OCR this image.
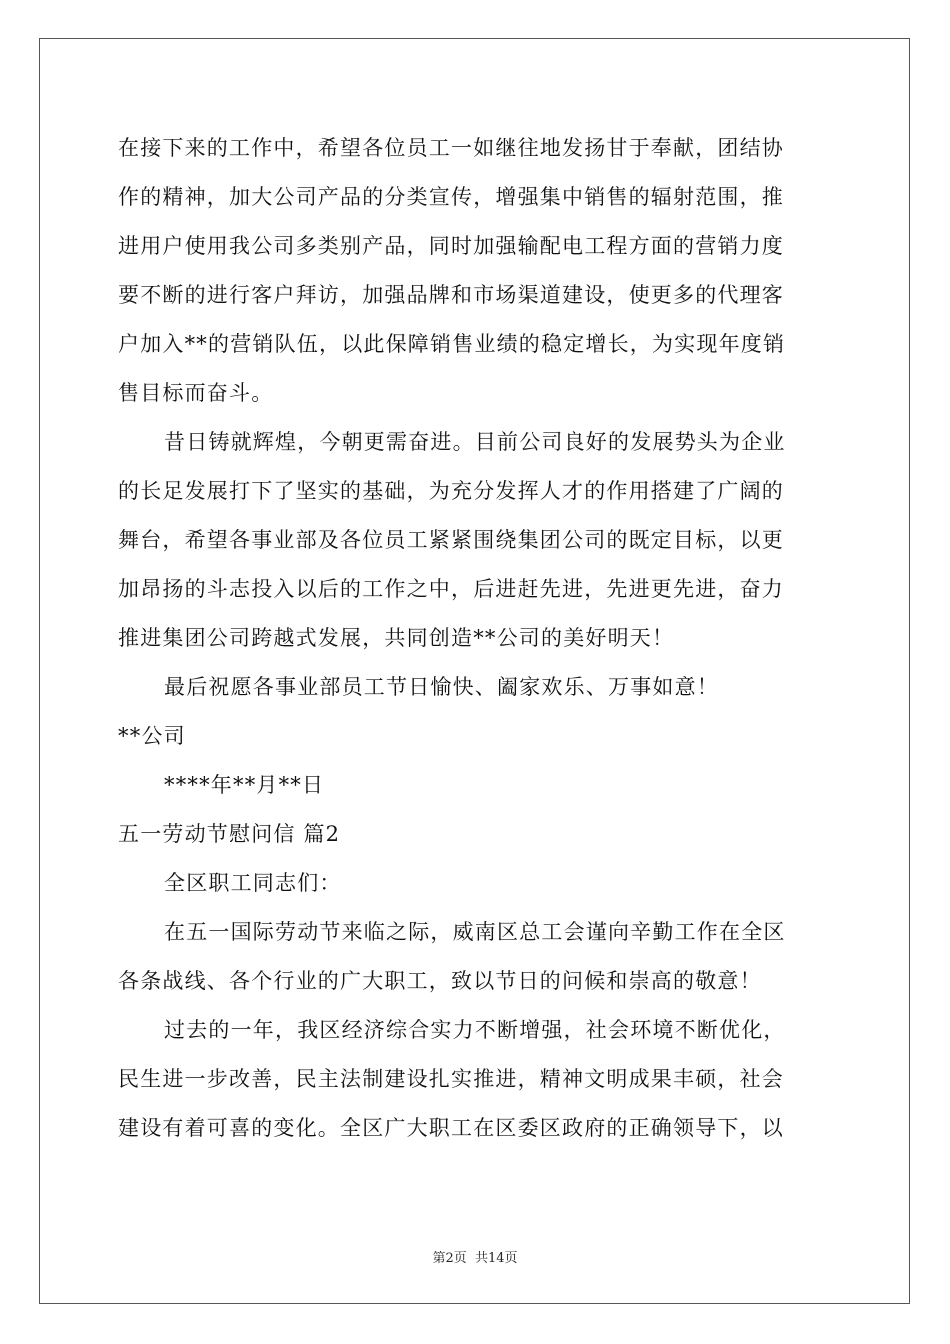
在接下来的工作中，希望各位员工一如继往地发扬甘于奉献，团结协
作的精神，加大公司产品的分类宣传，增强集中销售的辐射范围，推
进用户使用我公司多类别产品，同时加强输配电工程方面的营销力度
要不断的进行客户拜访，加强品牌和市场渠道建设，使更多的代理客
户加入**的营销队伍，以此保障销售业绩的稳定增长，为实现年度销
售目标而奋斗。
昔日铸就辉煌，今朝更需奋进。目前公司良好的发展势头为企业
的长足发展打下了坚实的基础，为充分发挥人才的作用搭建了广阔的
舞台，希望各事业部及各位员工紧紧围绕集团公司的既定目标，以更
加昂扬的斗志投入以后的工作之中，后进赶先进，先进更先进，奋力
推进集团公司跨越式发展，共同创造**公司的美好明天！
最后祝愿各事业部员工节日愉快、阖家欢乐、万事如意！
**公司
****年**月**日
五一劳动节慰问信 篇2
全区职工同志们：
在五一国际劳动节来临之际，威南区总工会谨向辛勤工作在全区
各条战线、各个行业的广大职工，致以节日的问候和崇高的敬意！
过去的一年，我区经济综合实力不断增强，社会环境不断优化，
民生进一步改善，民主法制建设扎实推进，精神文明成果丰硕，社会
建设有着可喜的变化。全区广大职工在区委区政府的正确领导下，以
第2页 共14页
